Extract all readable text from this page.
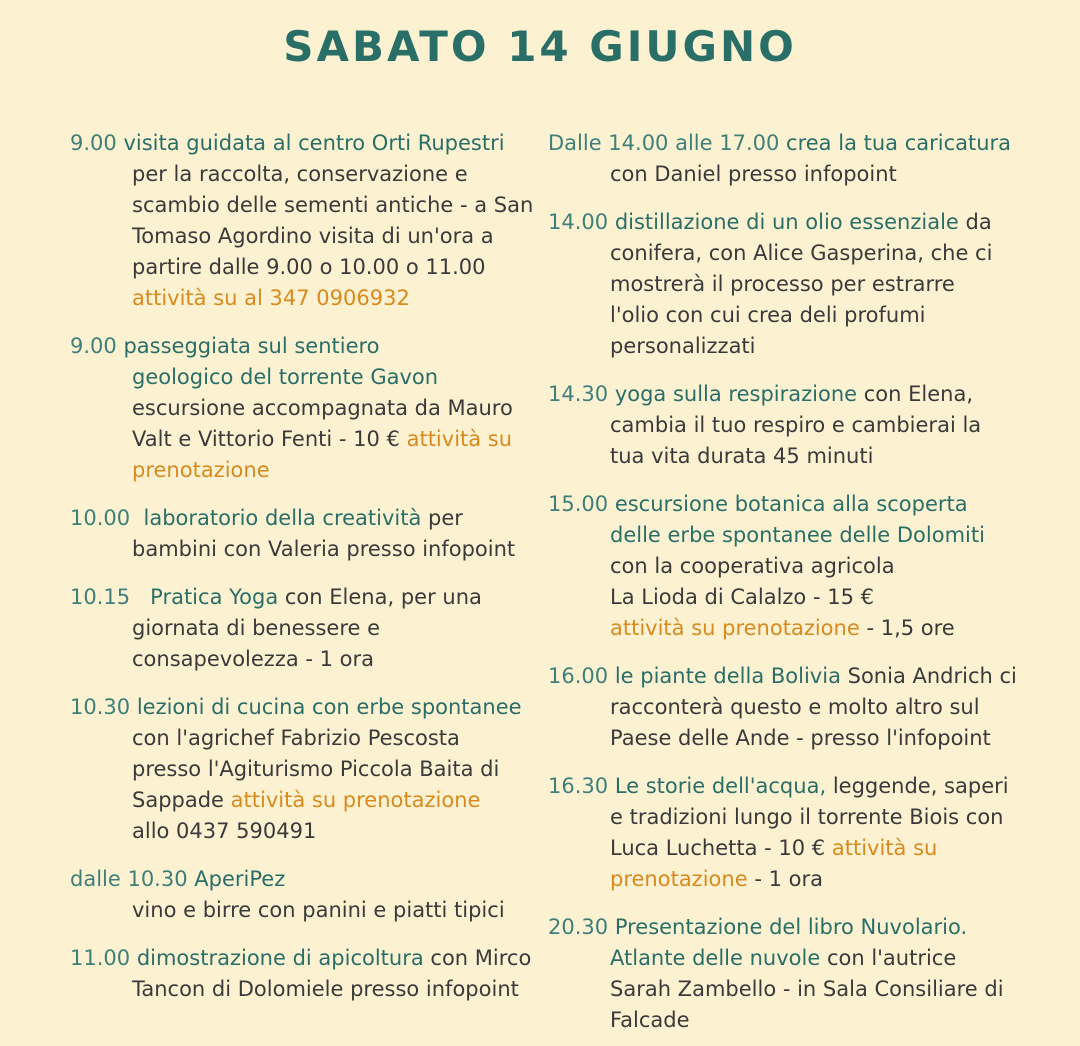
SABATO 14 GIUGNO
9.00 visita guidata al centro Orti Rupestri
per la raccolta, conservazione e
scambio delle sementi antiche - a San
Tomaso Agordino visita di un'ora a
partire dalle 9.00 o 10.00 o 11.00
attività su al 347 0906932
9.00 passeggiata sul sentiero
geologico del torrente Gavon
escursione accompagnata da Mauro
Valt e Vittorio Fenti - 10 € attività su
prenotazione
10.00 laboratorio della creatività per
bambini con Valeria presso infopoint
10.15 Pratica Yoga con Elena, per una
giornata di benessere e
consapevolezza - 1 ora
10.30 lezioni di cucina con erbe spontanee
con l'agrichef Fabrizio Pescosta
presso l'Agiturismo Piccola Baita di
Sappade attività su prenotazione
allo 0437 590491
dalle 10.30 AperiPez
vino e birre con panini e piatti tipici
11.00 dimostrazione di apicoltura con Mirco
Tancon di Dolomiele presso infopoint
Dalle 14.00 alle 17.00 crea la tua caricatura
con Daniel presso infopoint
14.00 distillazione di un olio essenziale da
conifera, con Alice Gasperina, che ci
mostrerà il processo per estrarre
l'olio con cui crea deli profumi
personalizzati
14.30 yoga sulla respirazione con Elena,
cambia il tuo respiro e cambierai la
tua vita durata 45 minuti
15.00 escursione botanica alla scoperta
delle erbe spontanee delle Dolomiti
con la cooperativa agricola
La Lioda di Calalzo - 15 €
attività su prenotazione - 1,5 ore
16.00 le piante della Bolivia Sonia Andrich ci
racconterà questo e molto altro sul
Paese delle Ande - presso l'infopoint
16.30 Le storie dell'acqua, leggende, saperi
e tradizioni lungo il torrente Biois con
Luca Luchetta - 10 € attività su
prenotazione - 1 ora
20.30 Presentazione del libro Nuvolario.
Atlante delle nuvole con l'autrice
Sarah Zambello - in Sala Consiliare di
Falcade
